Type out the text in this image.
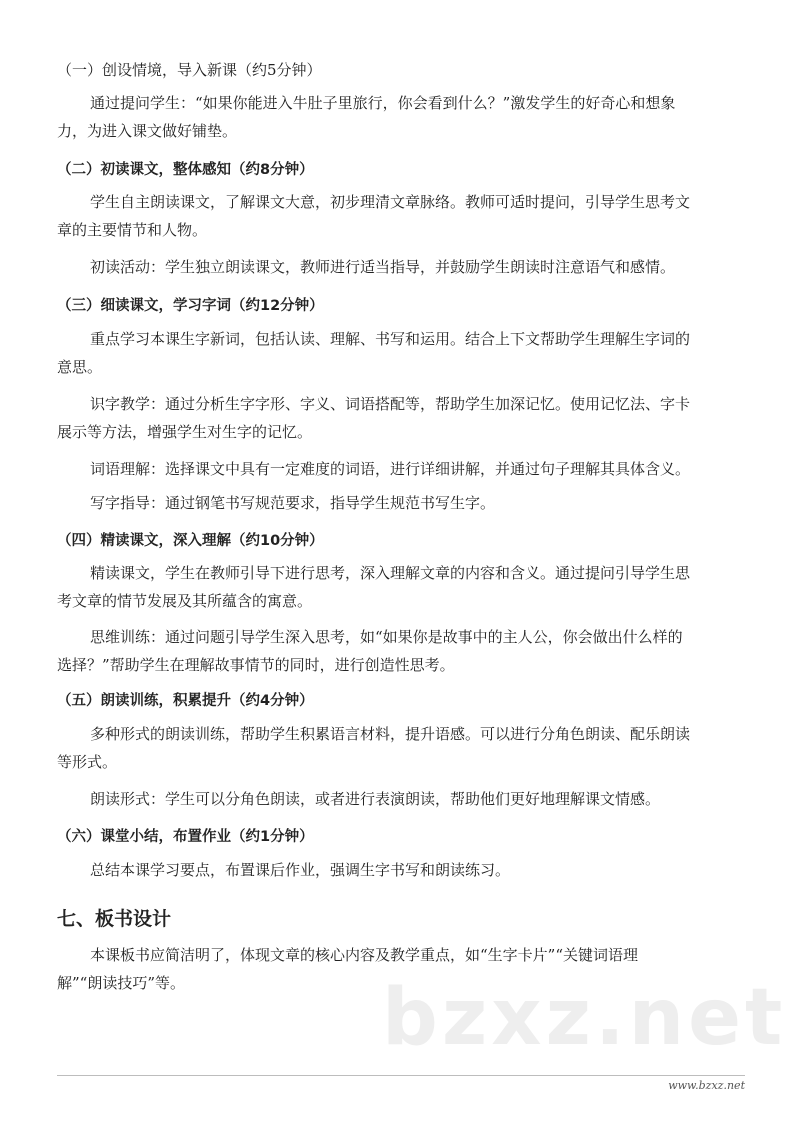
（一）创设情境，导入新课（约5分钟）
通过提问学生：“如果你能进入牛肚子里旅行，你会看到什么？”激发学生的好奇心和想象
力，为进入课文做好铺垫。
（二）初读课文，整体感知（约8分钟）
学生自主朗读课文，了解课文大意，初步理清文章脉络。教师可适时提问，引导学生思考文
章的主要情节和人物。
初读活动：学生独立朗读课文，教师进行适当指导，并鼓励学生朗读时注意语气和感情。
（三）细读课文，学习字词（约12分钟）
重点学习本课生字新词，包括认读、理解、书写和运用。结合上下文帮助学生理解生字词的
意思。
识字教学：通过分析生字字形、字义、词语搭配等，帮助学生加深记忆。使用记忆法、字卡
展示等方法，增强学生对生字的记忆。
词语理解：选择课文中具有一定难度的词语，进行详细讲解，并通过句子理解其具体含义。
写字指导：通过钢笔书写规范要求，指导学生规范书写生字。
（四）精读课文，深入理解（约10分钟）
精读课文，学生在教师引导下进行思考，深入理解文章的内容和含义。通过提问引导学生思
考文章的情节发展及其所蕴含的寓意。
思维训练：通过问题引导学生深入思考，如“如果你是故事中的主人公，你会做出什么样的
选择？”帮助学生在理解故事情节的同时，进行创造性思考。
（五）朗读训练，积累提升（约4分钟）
多种形式的朗读训练，帮助学生积累语言材料，提升语感。可以进行分角色朗读、配乐朗读
等形式。
朗读形式：学生可以分角色朗读，或者进行表演朗读，帮助他们更好地理解课文情感。
（六）课堂小结，布置作业（约1分钟）
总结本课学习要点，布置课后作业，强调生字书写和朗读练习。
七、板书设计
本课板书应简洁明了，体现文章的核心内容及教学重点，如“生字卡片”“关键词语理
解”“朗读技巧”等。	bzxz.net
www.bzxz.net
